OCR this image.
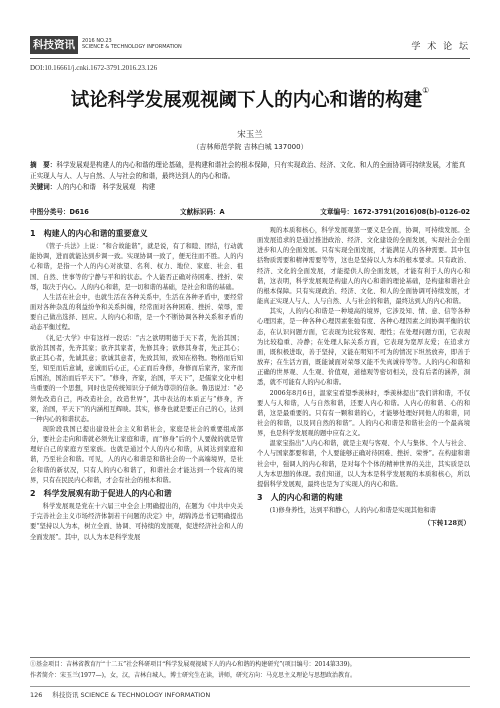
科技资讯	2016 NO.23
SCIENCE & TECHNOLOGY INFORMATION	学 术 论 坛
DOI:10.16661/j.cnki.1672-3791.2016.23.126
试论科学发展观视阈下人的内心和谐的构建①
宋玉兰
（吉林师范学院 吉林白城 137000）
摘　要：科学发展观是构建人的内心和谐的理论基础，是构建和谐社会的根本保障，只有实现政治、经济、文化、和人的全面协调可持续发展，才能真正实现人与人、人与自然、人与社会的和谐，最终达到人的内心和谐。
关键词：人的内心和谐　科学发展观　构建
中图分类号：D616	文献标识码：A	文章编号：1672-3791(2016)08(b)-0126-02
1　构建人的内心和谐的重要意义

《管子·兵法》上说：“和合故能谐”，就是说，有了和睦、团结，行动就能协调，进而就能达到步调一致。实现协调一致了，便无往而不胜。人的内心和谐，是指一个人的内心对欲望、名利、权力、地位、家庭、社会、祖国、自然、世事等的宁静与平和的状态。个人能否正确对待困难、挫折、荣辱，取决于内心。人的内心和谐，是一切和谐的基础，是社会和谐的基础。

人生活在社会中，也就生活在各种关系中，生活在各种矛盾中，要经常面对各种杂乱的利益纷争和关系纠缠，经常面对各种困难、挫折、荣辱，需要自己做出选择、回应。人的内心和谐，是一个不断协调各种关系和矛盾的动态平衡过程。

《礼记·大学》中有这样一段话：“古之欲明明德于天下者，先治其国；欲治其国者，先齐其家；欲齐其家者，先修其身；欲修其身者，先正其心；欲正其心者，先诚其意；欲诚其意者，先致其知，致知在格物。物格而后知至，知至而后意诚，意诚而后心正，心正而后身修，身修而后家齐，家齐而后国治，国治而后平天下”。“修身，齐家，治国，平天下”，是儒家文化中相当重要的一个思想，同时也是传统知识分子倾为尊崇的信条。鲁迅说过：“必须先改造自己，再改造社会，改造世界”，其中表达的本质正与“修身，齐家，治国，平天下”的内涵相互辉映。其实，修身也就是要正自己的心，达到一种内心的和谐状态。

现阶段我国已提出建设社会主义和谐社会，家庭是社会的重要组成部分，要社会走向和谐就必须先让家庭和谐，而“修身”后的个人要做的就是管理好自己的家庭方至家族。也就是通过个人的内心和谐，从阅达到家庭和谐，乃至社会和谐。可见，人的内心和谐是和谐社会的一个高端境界，是社会和谐的新状况，只有人的内心和谐了，和谐社会才能达到一个较高的境界，只有在民民内心和谐，才会有社会的根本和谐。

2　科学发展观有助于促进人的内心和谐

科学发展观是党在十六届三中全会上明确提出的，在题为《中共中央关于完善社会主义市场经济体制若干问题的决定》中，胡锦涛总书记明确提出要“坚持以人为本，树立全面、协调、可持续的发展观，促进经济社会和人的全面发展”。其中，以人为本是科学发展

观的本质和核心，科学发展观第一要义是全面，协调，可持续发展。全面发展追求的是通过推进政治、经济、文化建设的全面发展，实现社会全面进步和人的全面发展。只有实现全面发展，才能满足人的各种需要。其中包括物质需要和精神需要等等，这也是坚持以人为本的根本要求。只有政治、经济、文化的全面发展，才能提供人的全面发展，才能有利于人的内心和谐，这表明，科学发展观是构建人的内心和谐的理论基础，是构建和谐社会的根本保障。只有实现政治、经济、文化、和人的全面协调可持续发展，才能真正实现人与人、人与自然、人与社会的和谐，最终达到人的内心和谐。

其实，人的内心和谐是一种境高的境界，它涉及知、情、意、信等各种心理因素，是一种各种心理因素张弛有度、各种心理因素之间协调平衡的状态，在认识问题方面，它表现为比较客观、理性；在处理问题方面，它表现为比较稳重、冷静；在处理人际关系方面，它表现为宽厚友爱；在追求方面，既积极进取，善于坚持，又能在明知不可为的情况下坦然放弃，即善于放弃；在生活方面，既能诚面对荣辱又能不失真诚待等等。人的内心和谐和正确的世界观、人生观、价值观，道德观等密切相关，没有后者的涵养，洞悉，就不可能有人的内心和谐。

2006年8月6日，温家宝看望季羡林时，季羡林提出“我们讲和谐，不仅要人与人和谐，人与自然和谐，还要人内心和谐。人内心的和谐、心的和谐，这是最重要的。只有有一颗和谐的心，才能够处理好同他人的和谐，同社会的和谐，以及同自然的和谐”。人的内心和谐是和谐社会的一个最高境界，也是科学发展观的题中应有之义。

温家宝指出“人内心和谐，就是主观与客观、个人与集体、个人与社会、个人与国家都要和谐，个人要能够正确对待困难、挫折、荣誉”。在构建和谐社会中，强调人的内心和谐，是对每个个体的精神世界的关注，其实质是以人为本思想的体现。我们知道，以人为本是科学发展观的本质和核心，所以提倡科学发展观，最终也是为了实现人的内心和谐。

3　人的内心和谐的构建

(1)修身养性，达到平和静心，人的内心和谐是实现其他和谐

（下转128页）
①基金项目：吉林省教育厅“十二五”社会科研项目“科学发展观视域下人的内心和谐的构建研究”(项目编号：2014第339)。
作者简介：宋玉兰(1977—)，女，汉，吉林白城人，博士研究生在读，讲师，研究方向：马克思主义理论与思想政治教育。
126 科技资讯 SCIENCE & TECHNOLOGY INFORMATION
